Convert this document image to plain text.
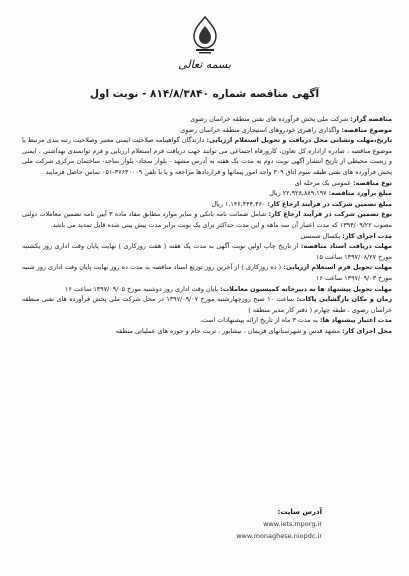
بسمه تعالی
آگهی مناقصه شماره ۸۱۴/۸/۳۸۴۰ - نوبت اول
مناقصه گزار: شرکت ملی پخش فرآورده های نفتی منطقه خراسان رضوی
موضوع مناقصه: واگذاری راهبری خودروهای استیجاری منطقه خراسان رضوی
تاریخ،مهلت ونشانی محل دریافت و تحویل استعلام ارزیابی: دارندگان گواهینامه صلاحیت ایمنی معتبر وصلاحیت رتبه بندی مرتبط با موضوع مناقصه ، صادره ازاداره کل تعاون، کارورفاه اجتماعی می توانند جهت دریافت فرم استعلام ارزیابی و فرم توانمندی بهداشتی ، ایمنی و زیست محیطی از تاریخ انتشار آگهی نوبت دوم به مدت یک هفته به آدرس مشهد - بلوار سجاد- بلوار ساجد- ساختمان مرکزی شرکت ملی پخش فرآورده های نفتی طبقه سوم اتاق ۳۰۹ واحد امور پیمانها و قراردادها مراجعه و یا با تلفن ۳۷۶۳۰۰۰۹-۰۵۱ تماس حاصل فرمایند .
نوع مناقصه: عمومی یک مرحله ای
مبلغ برآورد مناقصه: ۲۲,۹۲۸,۸۸۹,۱۹۷ ریال
مبلغ تضمین شرکت در فرآیند ارجاع کار: ۱,۱۴۶,۴۴۴,۴۶۰ ریال
نوع تضمین شرکت در فرآیند ارجاع کار: شامل ضمانت نامه بانکی و سایر موارد مطابق مفاد ماده ۳ آیین نامه تضمین معاملات دولتی مصوب ۱۳۹۴/۰۹/۲۲ که مدت اعتبار آن سه ماهه و این مدت حداکثر برای یک نوبت برابر مدت پیش بینی شده قابل تمدید می باشد.
مدت اجرای کار: یکسال شمسی
مهلت دریافت اسناد مناقصه: از تاریخ چاپ اولین نوبت آگهی به مدت یک هفته ( هفت روزکاری ) نهایت پایان وقت اداری روز یکشنبه مورخ ۱۳۹۷/۰۸/۲۷ ساعت ۱۵
مهلت تحویل فرم استعلام ارزیابی: ( ده روزکاری ) از آخرین روز توزیع اسناد مناقصه به مدت ده روز نهایت پایان وقت اداری روز شنبه مورخ ۱۳۹۷/۰۹/۰۳ ساعت ۱۶
مهلت تحویل پیشنهاد ها به دبیرخانه کمیسیون معاملات: پایان وقت اداری روز دوشنبه مورخ ۱۳۹۷/۰۹/۰۵ ساعت ۱۶
زمان و مکان بازگشایی پاکات: ساعت ۱۰ صبح روزچهارشنبه مورخ ۱۳۹۷/۰۹/۰۷ در محل شرکت ملی پخش فرآورده های نفتی منطقه خراسان رضوی ، طبقه چهارم ( دفتر کار مدیر منطقه )
مدت اعتبار پیشنهاد ها: به مدت ۳ ماه از تاریخ ارائه پیشنهادات است.
محل اجرای کار: مشهد قدس و شهرستانهای فریمان ، نیشابور ، تربت جام و حوزه های عملیاتی منطقه
آدرس سایت:
www.iets.mporg.ir
www.monaghese.niopdc.ir
